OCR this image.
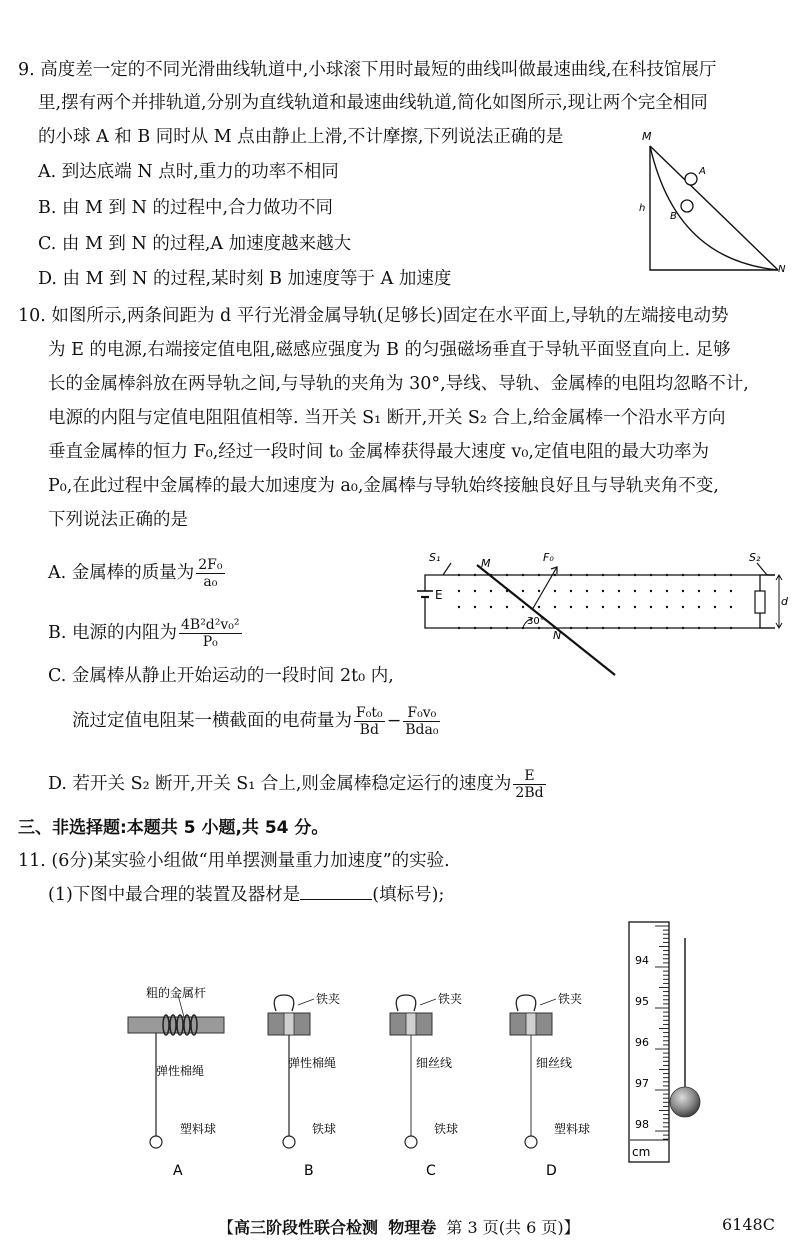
9. 高度差一定的不同光滑曲线轨道中,小球滚下用时最短的曲线叫做最速曲线,在科技馆展厅
里,摆有两个并排轨道,分别为直线轨道和最速曲线轨道,简化如图所示,现让两个完全相同
的小球 A 和 B 同时从 M 点由静止上滑,不计摩擦,下列说法正确的是
A. 到达底端 N 点时,重力的功率不相同
B. 由 M 到 N 的过程中,合力做功不同
C. 由 M 到 N 的过程,A 加速度越来越大
D. 由 M 到 N 的过程,某时刻 B 加速度等于 A 加速度
M
A
B
h
N
10. 如图所示,两条间距为 d 平行光滑金属导轨(足够长)固定在水平面上,导轨的左端接电动势
为 E 的电源,右端接定值电阻,磁感应强度为 B 的匀强磁场垂直于导轨平面竖直向上. 足够
长的金属棒斜放在两导轨之间,与导轨的夹角为 30°,导线、导轨、金属棒的电阻均忽略不计,
电源的内阻与定值电阻阻值相等. 当开关 S₁ 断开,开关 S₂ 合上,给金属棒一个沿水平方向
垂直金属棒的恒力 F₀,经过一段时间 t₀ 金属棒获得最大速度 v₀,定值电阻的最大功率为
P₀,在此过程中金属棒的最大加速度为 a₀,金属棒与导轨始终接触良好且与导轨夹角不变,
下列说法正确的是
A. 金属棒的质量为 $\frac{\text{2F₀}}{\text{a₀}}$
B. 电源的内阻为 $\frac{\text{4B²d²v₀²}}{\text{P₀}}$
C. 金属棒从静止开始运动的一段时间 2t₀ 内,
流过定值电阻某一横截面的电荷量为 $\frac{\text{F₀t₀}}{Bd} - \frac{\text{F₀v₀}}{\text{Bda₀}}$
D. 若开关 S₂ 断开,开关 S₁ 合上,则金属棒稳定运行的速度为 $\frac{E}{2Bd}$
E
S₁	S₂
d
M
N
F₀
30°
三、非选择题:本题共 5 小题,共 54 分。
11. (6分)某实验小组做“用单摆测量重力加速度”的实验.
(1)下图中最合理的装置及器材是	(填标号);
粗的金属杆
弹性棉绳
塑料球
A
铁夹
弹性棉绳
铁球
B
铁夹
细丝线
铁球
C
铁夹
细丝线
塑料球
D
94
95
96
97
98
cm
【高三阶段性联合检测 物理卷 第 3 页(共 6 页)】	6148C
